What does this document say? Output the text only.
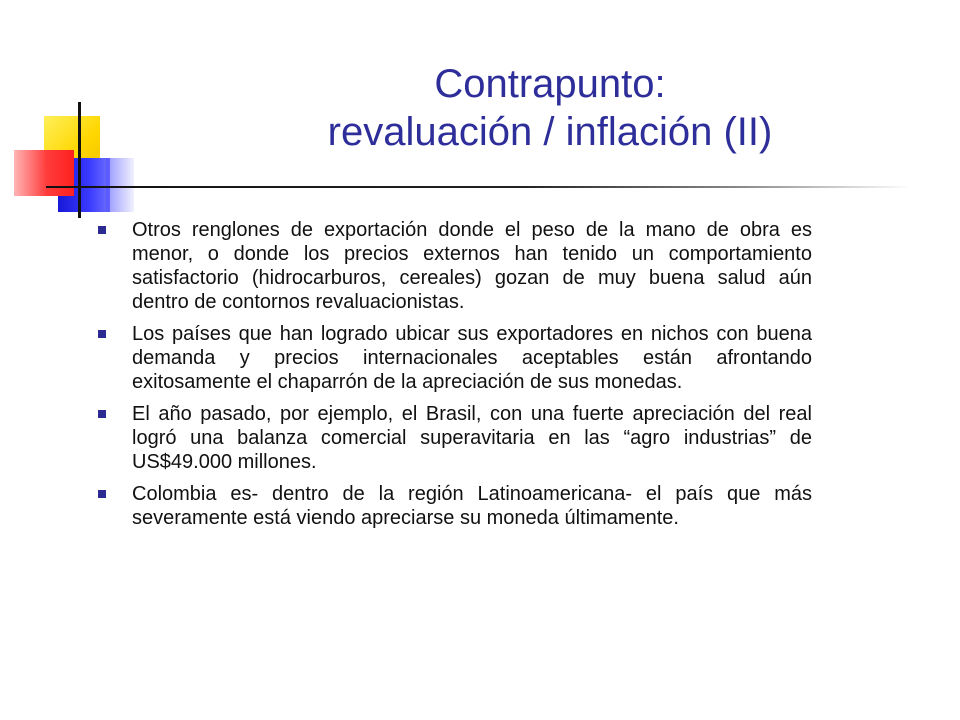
Contrapunto:
revaluación / inflación (II)
Otros renglones de exportación donde el peso de la mano de obra es menor, o donde los precios externos han tenido un comportamiento satisfactorio (hidrocarburos, cereales) gozan de muy buena salud aún dentro de contornos revaluacionistas.
Los países que han logrado ubicar sus exportadores en nichos con buena demanda y precios internacionales aceptables están afrontando exitosamente el chaparrón de la apreciación de sus monedas.
El año pasado, por ejemplo, el Brasil, con una fuerte apreciación del real logró una balanza comercial superavitaria en las “agro industrias” de US$49.000 millones.
Colombia es- dentro de la región Latinoamericana- el país que más severamente está viendo apreciarse su moneda últimamente.
